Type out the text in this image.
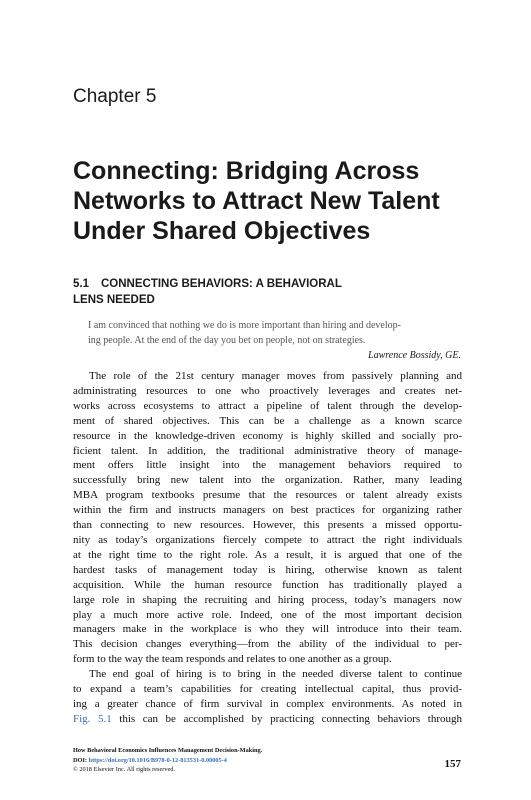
Chapter 5
Connecting: Bridging Across
Networks to Attract New Talent
Under Shared Objectives
5.1 CONNECTING BEHAVIORS: A BEHAVIORAL
LENS NEEDED
I am convinced that nothing we do is more important than hiring and develop-
ing people. At the end of the day you bet on people, not on strategies.
Lawrence Bossidy, GE.
The role of the 21st century manager moves from passively planning and
administrating resources to one who proactively leverages and creates net-
works across ecosystems to attract a pipeline of talent through the develop-
ment of shared objectives. This can be a challenge as a known scarce
resource in the knowledge-driven economy is highly skilled and socially pro-
ficient talent. In addition, the traditional administrative theory of manage-
ment offers little insight into the management behaviors required to
successfully bring new talent into the organization. Rather, many leading
MBA program textbooks presume that the resources or talent already exists
within the firm and instructs managers on best practices for organizing rather
than connecting to new resources. However, this presents a missed opportu-
nity as today’s organizations fiercely compete to attract the right individuals
at the right time to the right role. As a result, it is argued that one of the
hardest tasks of management today is hiring, otherwise known as talent
acquisition. While the human resource function has traditionally played a
large role in shaping the recruiting and hiring process, today’s managers now
play a much more active role. Indeed, one of the most important decision
managers make in the workplace is who they will introduce into their team.
This decision changes everything—from the ability of the individual to per-
form to the way the team responds and relates to one another as a group.
The end goal of hiring is to bring in the needed diverse talent to continue
to expand a team’s capabilities for creating intellectual capital, thus provid-
ing a greater chance of firm survival in complex environments. As noted in
Fig. 5.1 this can be accomplished by practicing connecting behaviors through
How Behavioral Economics Influences Management Decision-Making.
DOI: https://doi.org/10.1016/B978-0-12-813531-0.00005-4
© 2018 Elsevier Inc. All rights reserved.	157
